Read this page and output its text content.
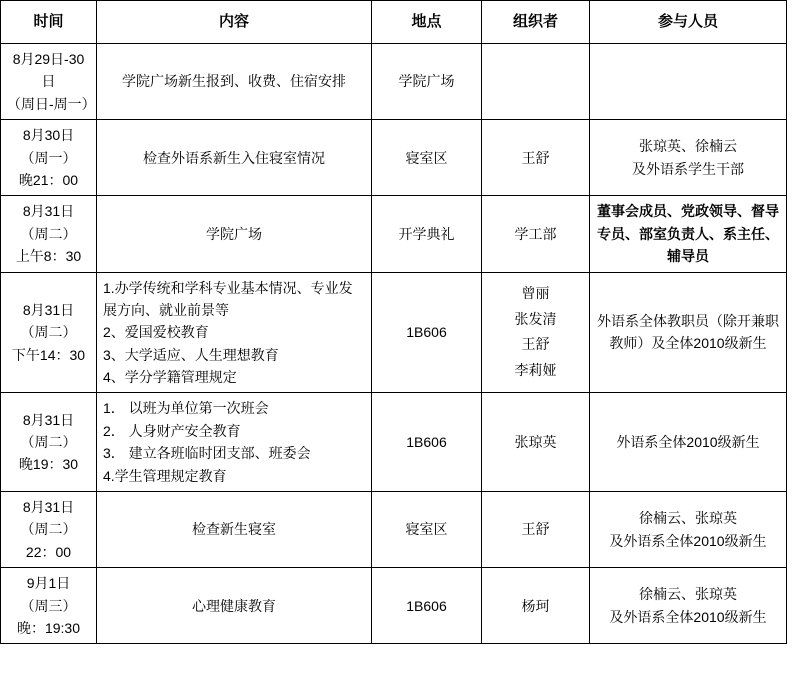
时间	内容	地点	组织者	参与人员

8月29日-30日
（周日-周一）	学院广场新生报到、收费、住宿安排	学院广场	

8月30日
（周一）
晚21：00	检查外语系新生入住寝室情况	寝室区	王舒	张琼英、徐楠云
及外语系学生干部

8月31日
（周二）
上午8：30	学院广场	开学典礼	学工部	董事会成员、党政领导、督导专员、部室负责人、系主任、辅导员

8月31日
（周二）
下午14：30	1.办学传统和学科专业基本情况、专业发展方向、就业前景等
2、爱国爱校教育
3、大学适应、人生理想教育
4、学分学籍管理规定	1B606	曾丽
张发清
王舒
李莉娅	外语系全体教职员（除开兼职教师）及全体2010级新生

8月31日
（周二）
晚19：30	1． 以班为单位第一次班会
2． 人身财产安全教育
3． 建立各班临时团支部、班委会
4.学生管理规定教育	1B606	张琼英	外语系全体2010级新生

8月31日
（周二）
22：00	检查新生寝室	寝室区	王舒	徐楠云、张琼英
及外语系全体2010级新生

9月1日
（周三）
晚：19:30	心理健康教育	1B606	杨珂	徐楠云、张琼英
及外语系全体2010级新生
